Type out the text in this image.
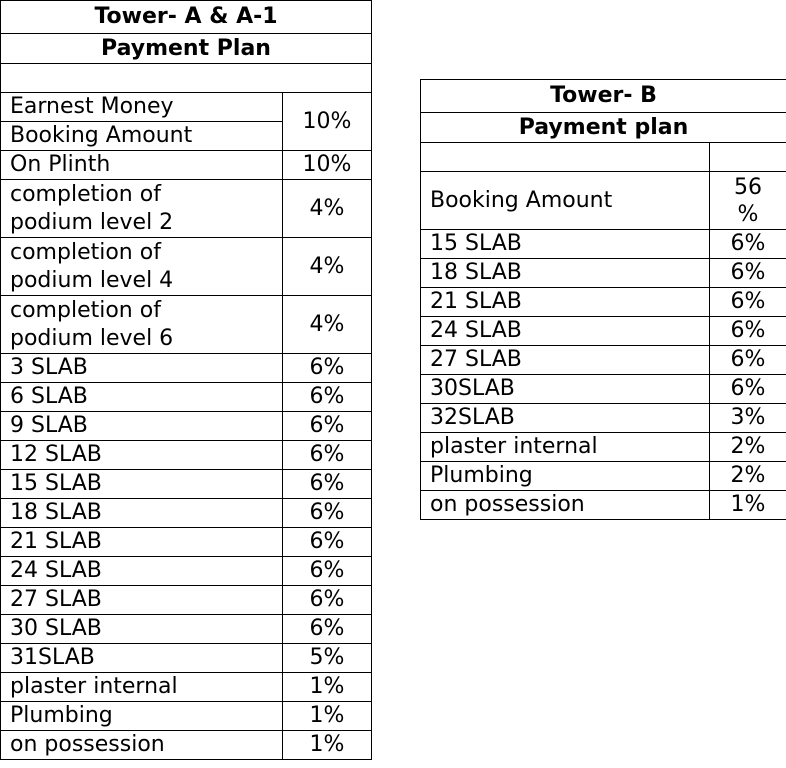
Tower- A & A-1	
Payment Plan	

Earnest Money	10%
Booking Amount	
On Plinth	10%
completion of
podium level 2	4%
completion of
podium level 4	4%
completion of
podium level 6	4%
3 SLAB	6%
6 SLAB	6%
9 SLAB	6%
12 SLAB	6%
15 SLAB	6%
18 SLAB	6%
21 SLAB	6%
24 SLAB	6%
27 SLAB	6%
30 SLAB	6%
31SLAB	5%
plaster internal	1%
Plumbing	1%
on possession	1%
Tower- B	
Payment plan	

Booking Amount	56
%
15 SLAB	6%
18 SLAB	6%
21 SLAB	6%
24 SLAB	6%
27 SLAB	6%
30SLAB	6%
32SLAB	3%
plaster internal	2%
Plumbing	2%
on possession	1%
